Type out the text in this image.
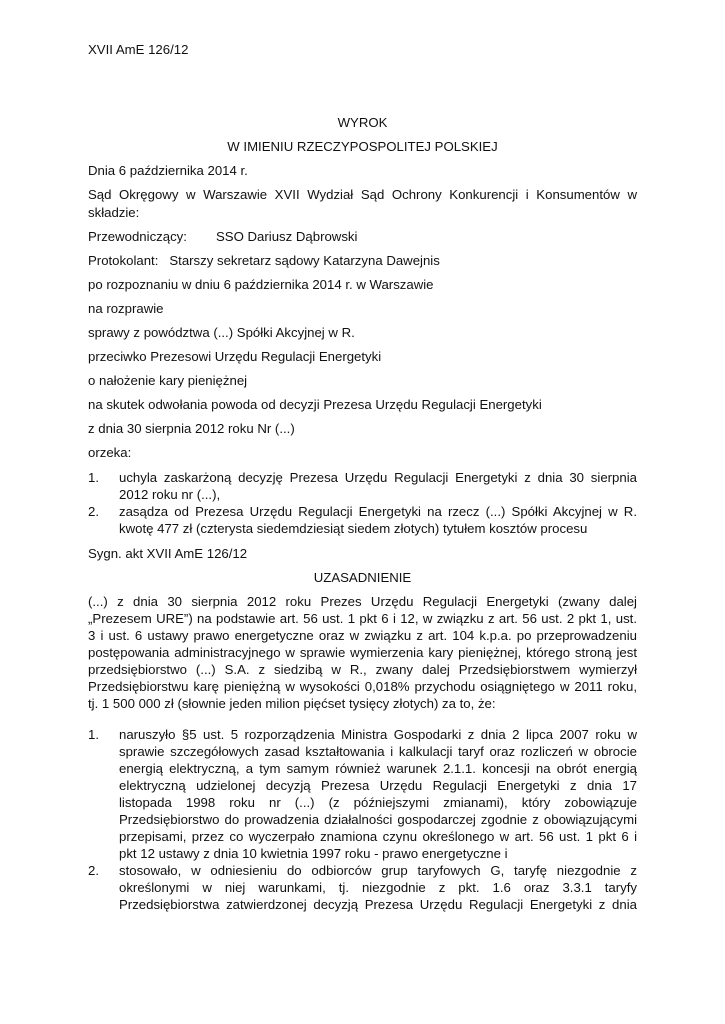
XVII AmE 126/12
WYROK
W IMIENIU RZECZYPOSPOLITEJ POLSKIEJ
Dnia 6 października 2014 r.
Sąd Okręgowy w Warszawie XVII Wydział Sąd Ochrony Konkurencji i Konsumentów w
składzie:
Przewodniczący: SSO Dariusz Dąbrowski
Protokolant: Starszy sekretarz sądowy Katarzyna Dawejnis
po rozpoznaniu w dniu 6 października 2014 r. w Warszawie
na rozprawie
sprawy z powództwa (...) Spółki Akcyjnej w R.
przeciwko Prezesowi Urzędu Regulacji Energetyki
o nałożenie kary pieniężnej
na skutek odwołania powoda od decyzji Prezesa Urzędu Regulacji Energetyki
z dnia 30 sierpnia 2012 roku Nr (...)
orzeka:
1. uchyla zaskarżoną decyzję Prezesa Urzędu Regulacji Energetyki z dnia 30 sierpnia
2012 roku nr (...),
2. zasądza od Prezesa Urzędu Regulacji Energetyki na rzecz (...) Spółki Akcyjnej w R.
kwotę 477 zł (czterysta siedemdziesiąt siedem złotych) tytułem kosztów procesu
Sygn. akt XVII AmE 126/12
UZASADNIENIE
(...) z dnia 30 sierpnia 2012 roku Prezes Urzędu Regulacji Energetyki (zwany dalej
„Prezesem URE”) na podstawie art. 56 ust. 1 pkt 6 i 12, w związku z art. 56 ust. 2 pkt 1, ust.
3 i ust. 6 ustawy prawo energetyczne oraz w związku z art. 104 k.p.a. po przeprowadzeniu
postępowania administracyjnego w sprawie wymierzenia kary pieniężnej, którego stroną jest
przedsiębiorstwo (...) S.A. z siedzibą w R., zwany dalej Przedsiębiorstwem wymierzył
Przedsiębiorstwu karę pieniężną w wysokości 0,018% przychodu osiągniętego w 2011 roku,
tj. 1 500 000 zł (słownie jeden milion pięćset tysięcy złotych) za to, że:
1. naruszyło §5 ust. 5 rozporządzenia Ministra Gospodarki z dnia 2 lipca 2007 roku w
sprawie szczegółowych zasad kształtowania i kalkulacji taryf oraz rozliczeń w obrocie
energią elektryczną, a tym samym również warunek 2.1.1. koncesji na obrót energią
elektryczną udzielonej decyzją Prezesa Urzędu Regulacji Energetyki z dnia 17
listopada 1998 roku nr (...) (z późniejszymi zmianami), który zobowiązuje
Przedsiębiorstwo do prowadzenia działalności gospodarczej zgodnie z obowiązującymi
przepisami, przez co wyczerpało znamiona czynu określonego w art. 56 ust. 1 pkt 6 i
pkt 12 ustawy z dnia 10 kwietnia 1997 roku - prawo energetyczne i
2. stosowało, w odniesieniu do odbiorców grup taryfowych G, taryfę niezgodnie z
określonymi w niej warunkami, tj. niezgodnie z pkt. 1.6 oraz 3.3.1 taryfy
Przedsiębiorstwa zatwierdzonej decyzją Prezesa Urzędu Regulacji Energetyki z dnia
